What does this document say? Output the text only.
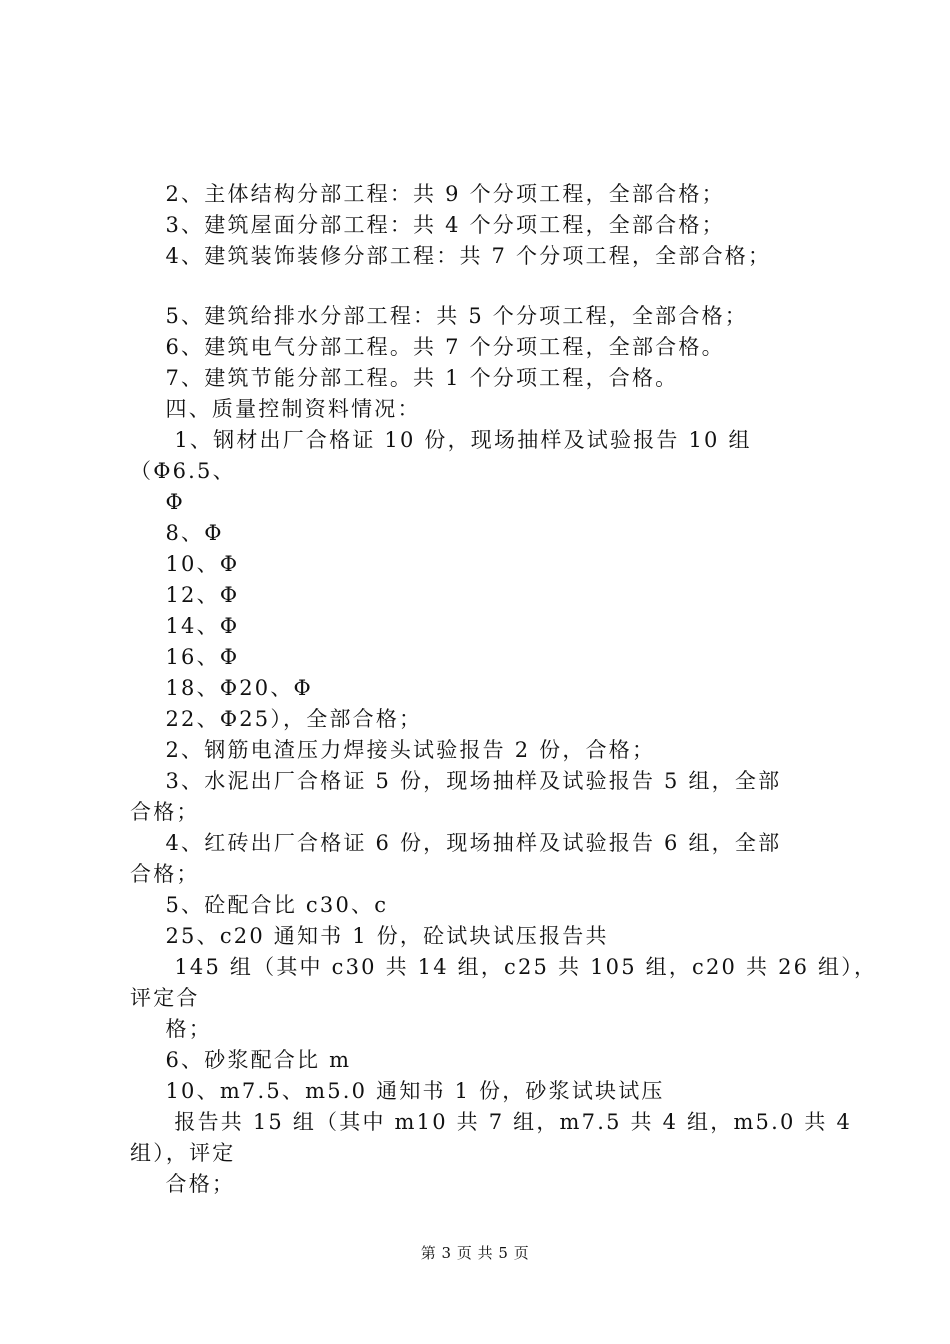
2、主体结构分部工程：共 9 个分项工程，全部合格；
3、建筑屋面分部工程：共 4 个分项工程，全部合格；
4、建筑装饰装修分部工程：共 7 个分项工程，全部合格；
5、建筑给排水分部工程：共 5 个分项工程，全部合格；
6、建筑电气分部工程。共 7 个分项工程，全部合格。
7、建筑节能分部工程。共 1 个分项工程，合格。
四、质量控制资料情况：
1、钢材出厂合格证 10 份，现场抽样及试验报告 10 组
（Φ6.5、
Φ
8、Φ
10、Φ
12、Φ
14、Φ
16、Φ
18、Φ20、Φ
22、Φ25），全部合格；
2、钢筋电渣压力焊接头试验报告 2 份，合格；
3、水泥出厂合格证 5 份，现场抽样及试验报告 5 组，全部
合格；
4、红砖出厂合格证 6 份，现场抽样及试验报告 6 组，全部
合格；
5、砼配合比 c30、c
25、c20 通知书 1 份，砼试块试压报告共
145 组（其中 c30 共 14 组，c25 共 105 组，c20 共 26 组），
评定合
格；
6、砂浆配合比 m
10、m7.5、m5.0 通知书 1 份，砂浆试块试压
报告共 15 组（其中 m10 共 7 组，m7.5 共 4 组，m5.0 共 4
组），评定
合格；
第 3 页 共 5 页
